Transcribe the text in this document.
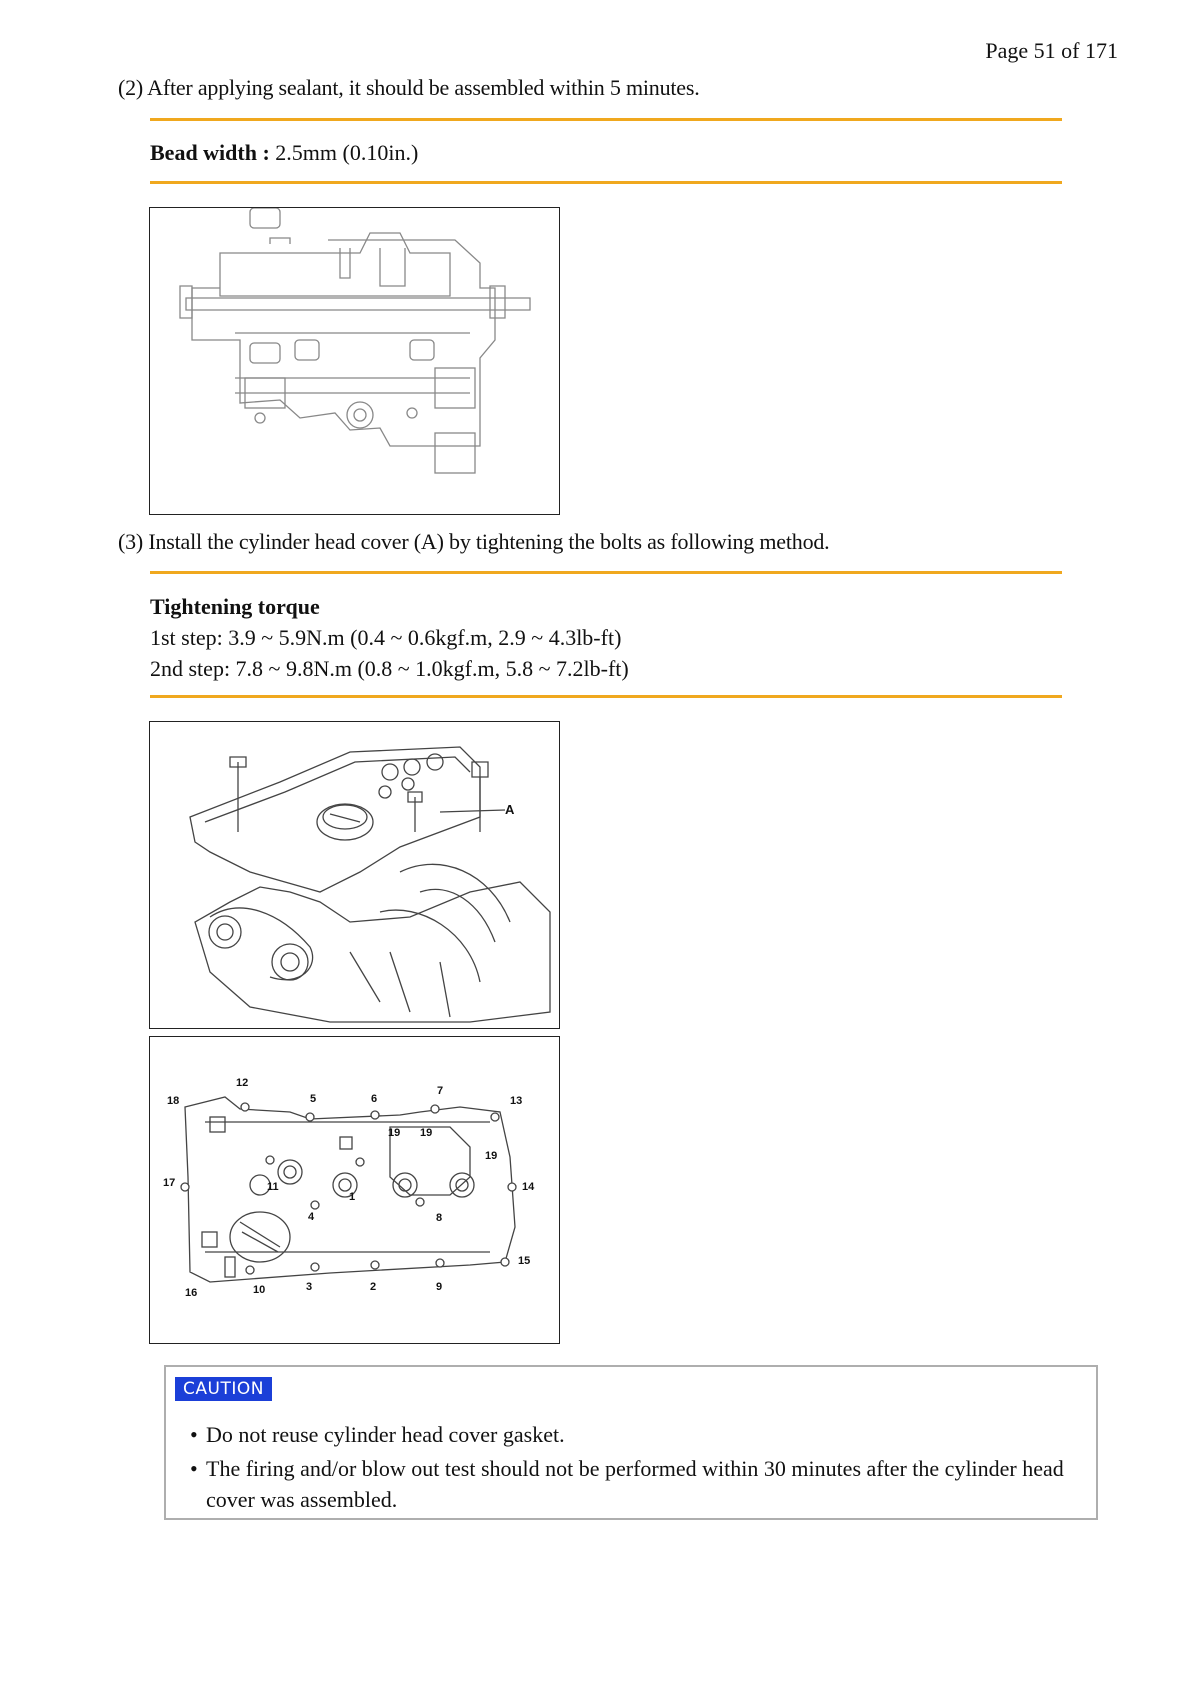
Page 51 of 171
(2) After applying sealant, it should be assembled within 5 minutes.
Bead width : 2.5mm (0.10in.)
(3) Install the cylinder head cover (A) by tightening the bolts as following method.
Tightening torque
1st step: 3.9 ~ 5.9N.m (0.4 ~ 0.6kgf.m, 2.9 ~ 4.3lb-ft)
2nd step: 7.8 ~ 9.8N.m (0.8 ~ 1.0kgf.m, 5.8 ~ 7.2lb-ft)
A
1
2
3
4
5	6
7
8
9
10
11
12
13
14
15
16
17
18
19
19
19
CAUTION
• Do not reuse cylinder head cover gasket.
• The firing and/or blow out test should not be performed within 30 minutes after the cylinder head cover was assembled.
